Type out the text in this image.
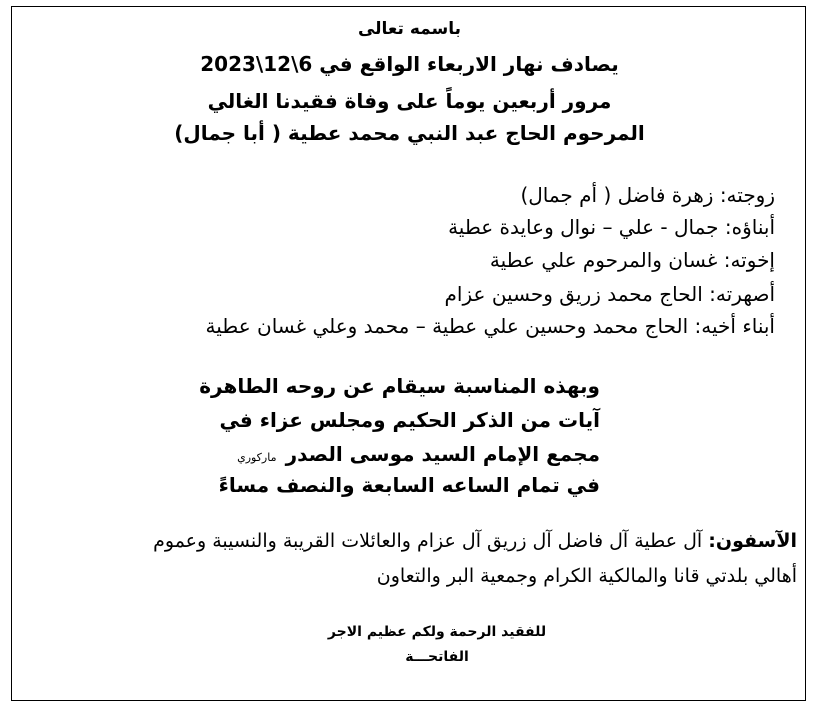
باسمه تعالى
يصادف نهار الاربعاء الواقع في 6\12\2023
مرور أربعين يوماً على وفاة فقيدنا الغالي
المرحوم الحاج عبد النبي محمد عطية ( أبا جمال)
زوجته: زهرة فاضل ( أم جمال)
أبناؤه: جمال - علي – نوال وعايدة عطية
إخوته: غسان والمرحوم علي عطية
أصهرته: الحاج محمد زريق وحسين عزام
أبناء أخيه: الحاج محمد وحسين علي عطية – محمد وعلي غسان عطية
وبهذه المناسبة سيقام عن روحه الطاهرة
آيات من الذكر الحكيم ومجلس عزاء في
مجمع الإمام السيد موسى الصدر ماركوري
في تمام الساعه السابعة والنصف مساءً
الآسفون: آل عطية آل فاضل آل زريق آل عزام والعائلات القريبة والنسيبة وعموم
أهالي بلدتي قانا والمالكية الكرام وجمعية البر والتعاون
للفقيد الرحمة ولكم عظيم الاجر
الفاتحـــة
